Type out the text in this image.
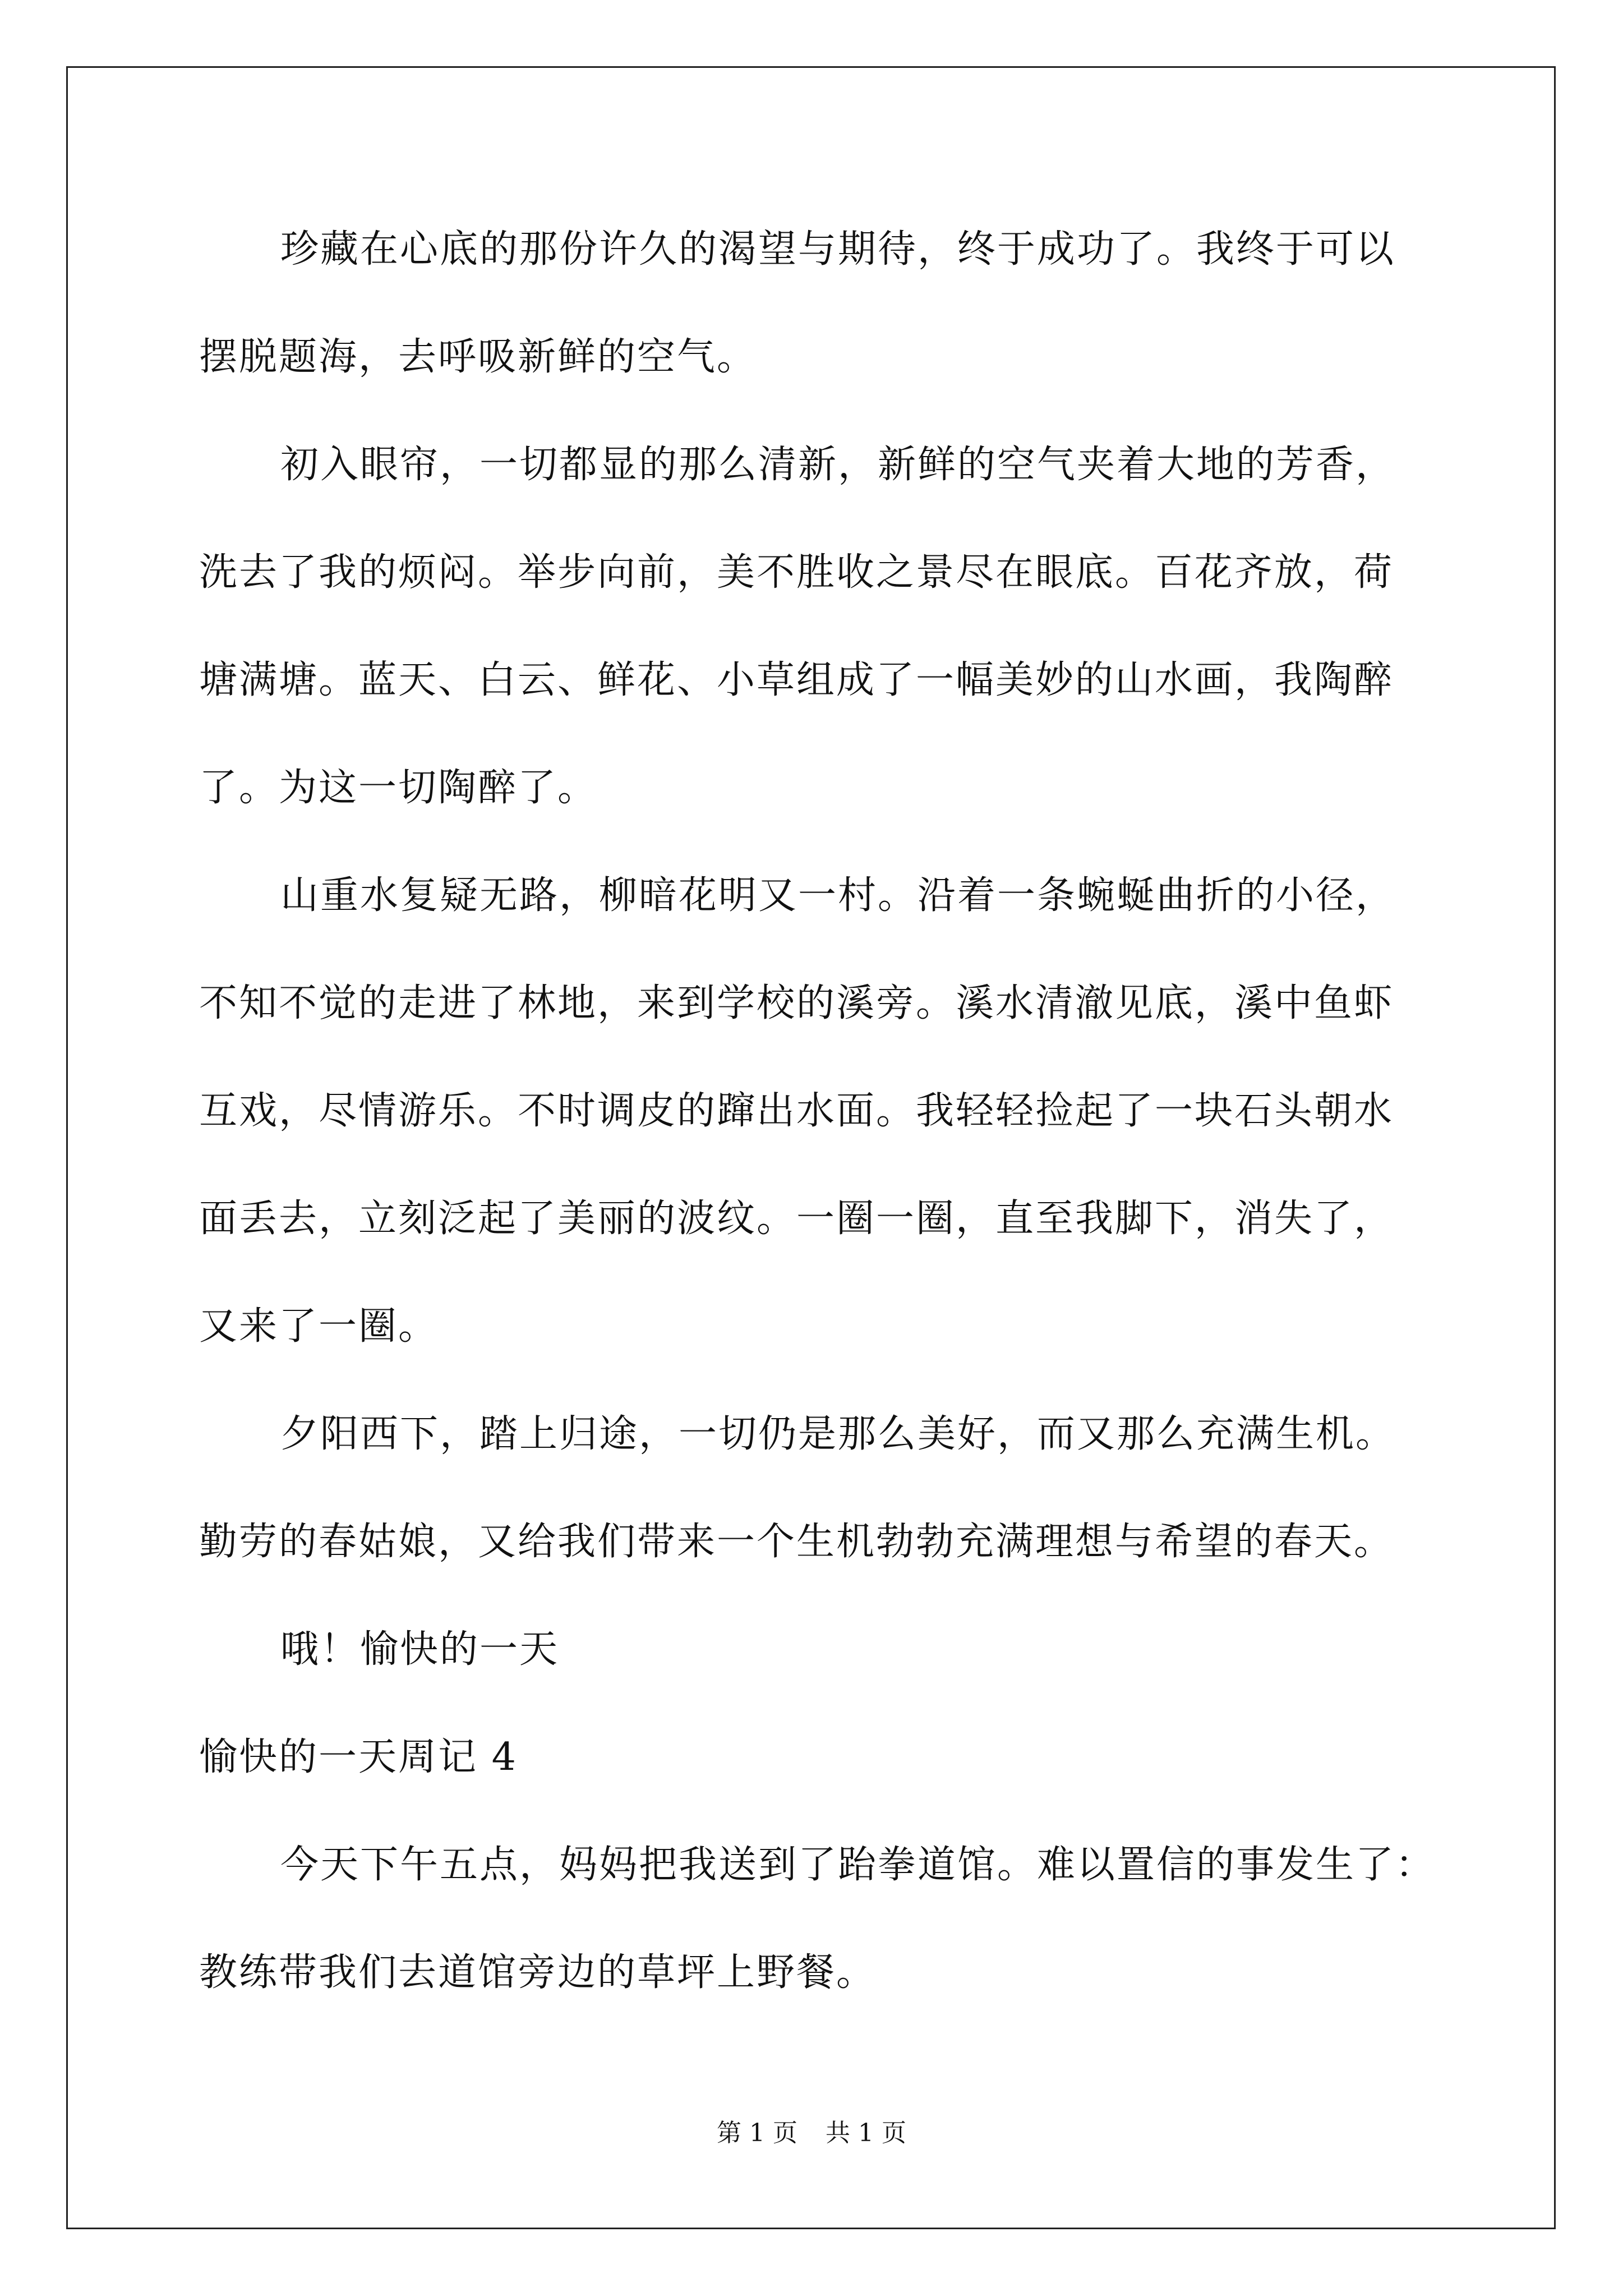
珍藏在心底的那份许久的渴望与期待，终于成功了。我终于可以
摆脱题海，去呼吸新鲜的空气。
初入眼帘，一切都显的那么清新，新鲜的空气夹着大地的芳香，
洗去了我的烦闷。举步向前，美不胜收之景尽在眼底。百花齐放，荷
塘满塘。蓝天、白云、鲜花、小草组成了一幅美妙的山水画，我陶醉
了。为这一切陶醉了。
山重水复疑无路，柳暗花明又一村。沿着一条蜿蜒曲折的小径，
不知不觉的走进了林地，来到学校的溪旁。溪水清澈见底，溪中鱼虾
互戏，尽情游乐。不时调皮的蹿出水面。我轻轻捡起了一块石头朝水
面丢去，立刻泛起了美丽的波纹。一圈一圈，直至我脚下，消失了，
又来了一圈。
夕阳西下，踏上归途，一切仍是那么美好，而又那么充满生机。
勤劳的春姑娘，又给我们带来一个生机勃勃充满理想与希望的春天。
哦！愉快的一天
愉快的一天周记 4
今天下午五点，妈妈把我送到了跆拳道馆。难以置信的事发生了：
教练带我们去道馆旁边的草坪上野餐。
第 1 页 共 1 页
